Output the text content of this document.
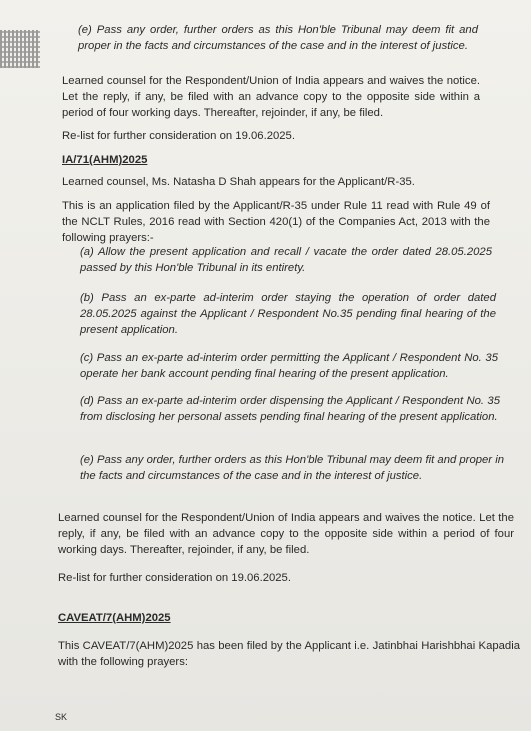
(e) Pass any order, further orders as this Hon'ble Tribunal may deem fit and proper in the facts and circumstances of the case and in the interest of justice.

Learned counsel for the Respondent/Union of India appears and waives the notice. Let the reply, if any, be filed with an advance copy to the opposite side within a period of four working days. Thereafter, rejoinder, if any, be filed.

Re-list for further consideration on 19.06.2025.

IA/71(AHM)2025

Learned counsel, Ms. Natasha D Shah appears for the Applicant/R-35.

This is an application filed by the Applicant/R-35 under Rule 11 read with Rule 49 of the NCLT Rules, 2016 read with Section 420(1) of the Companies Act, 2013 with the following prayers:-

(a) Allow the present application and recall / vacate the order dated 28.05.2025 passed by this Hon'ble Tribunal in its entirety.

(b) Pass an ex-parte ad-interim order staying the operation of order dated 28.05.2025 against the Applicant / Respondent No.35 pending final hearing of the present application.

(c) Pass an ex-parte ad-interim order permitting the Applicant / Respondent No. 35 operate her bank account pending final hearing of the present application.

(d) Pass an ex-parte ad-interim order dispensing the Applicant / Respondent No. 35 from disclosing her personal assets pending final hearing of the present application.

(e) Pass any order, further orders as this Hon'ble Tribunal may deem fit and proper in the facts and circumstances of the case and in the interest of justice.

Learned counsel for the Respondent/Union of India appears and waives the notice. Let the reply, if any, be filed with an advance copy to the opposite side within a period of four working days. Thereafter, rejoinder, if any, be filed.

Re-list for further consideration on 19.06.2025.

CAVEAT/7(AHM)2025

This CAVEAT/7(AHM)2025 has been filed by the Applicant i.e. Jatinbhai Harishbhai Kapadia with the following prayers:

SK
